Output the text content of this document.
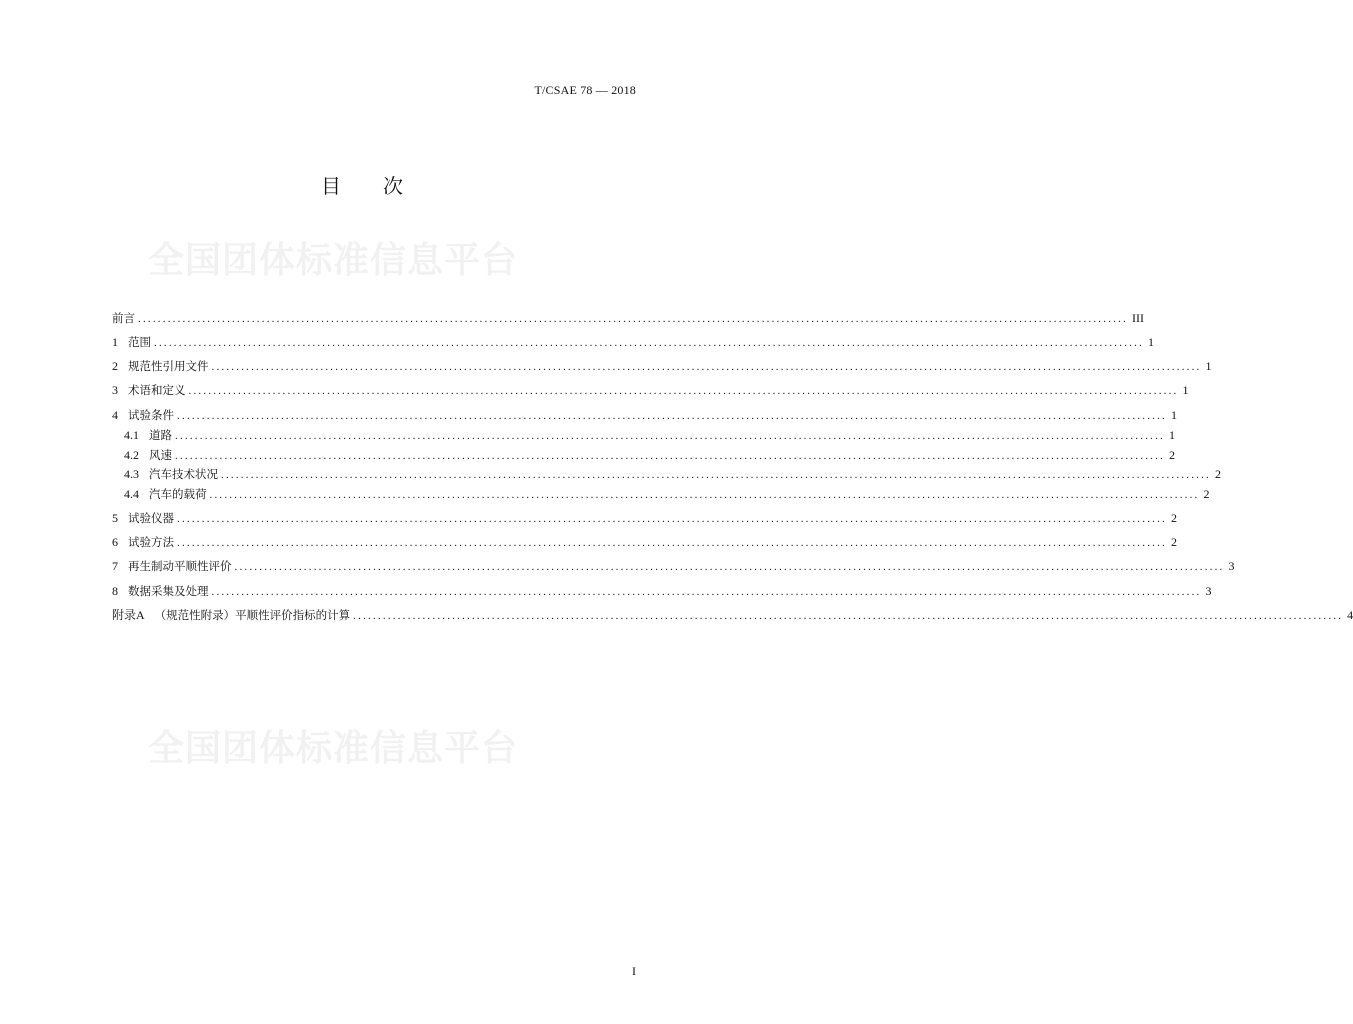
全国团体标准信息平台
全国团体标准信息平台
T/CSAE 78 — 2018
目 次
前言 ........................................................................................................................................................................................................ III
1 范围 ........................................................................................................................................................................................................ 1
2 规范性引用文件 ........................................................................................................................................................................................................ 1
3 术语和定义 ........................................................................................................................................................................................................ 1
4 试验条件 ........................................................................................................................................................................................................ 1
4.1 道路 ........................................................................................................................................................................................................ 1
4.2 风速 ........................................................................................................................................................................................................ 2
4.3 汽车技术状况 ........................................................................................................................................................................................................ 2
4.4 汽车的载荷 ........................................................................................................................................................................................................ 2
5 试验仪器 ........................................................................................................................................................................................................ 2
6 试验方法 ........................................................................................................................................................................................................ 2
7 再生制动平顺性评价 ........................................................................................................................................................................................................ 3
8 数据采集及处理 ........................................................................................................................................................................................................ 3
附录A （规范性附录）平顺性评价指标的计算 ........................................................................................................................................................................................................ 4
I
